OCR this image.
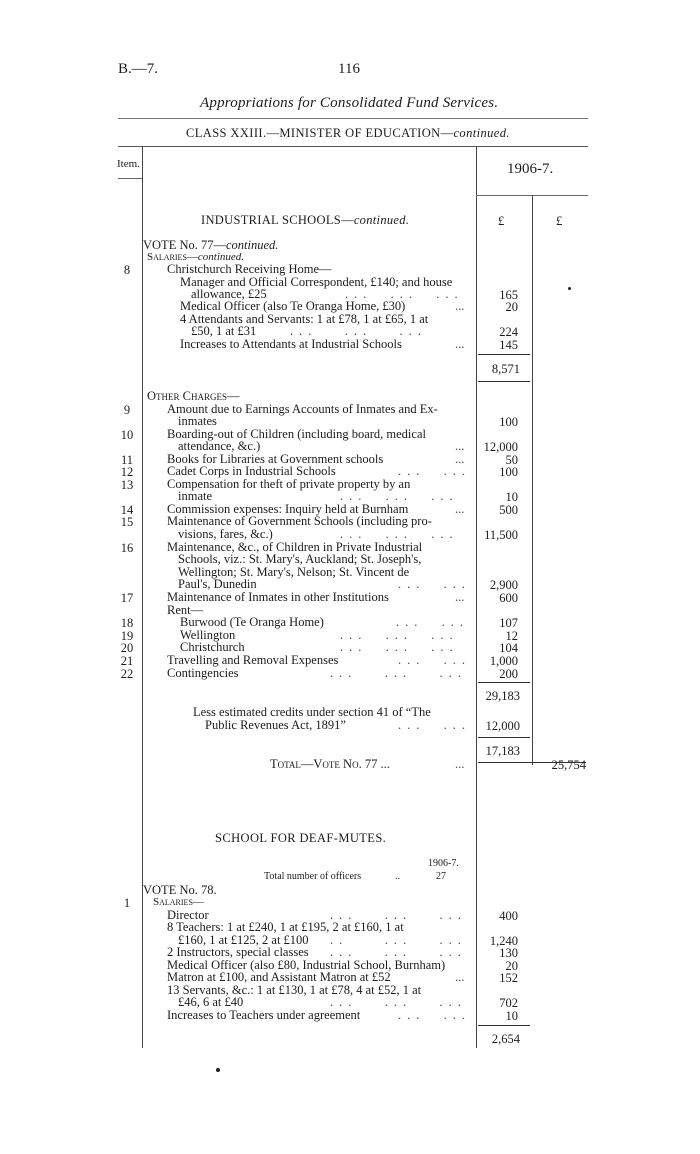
B.—7.	116
Appropriations for Consolidated Fund Services.
CLASS XXIII.—MINISTER OF EDUCATION—continued.
Item.	1906-7.
£	£
INDUSTRIAL SCHOOLS—continued.
VOTE No. 77—continued.
Salaries—continued.
8	Christchurch Receiving Home—
Manager and Official Correspondent, £140; and house
allowance, £25	165
Medical Officer (also Te Oranga Home, £30)	20
4 Attendants and Servants: 1 at £78, 1 at £65, 1 at
£50, 1 at £31	224
Increases to Attendants at Industrial Schools	145
8,571
Other Charges—
9	Amount due to Earnings Accounts of Inmates and Ex-
inmates	100
10	Boarding-out of Children (including board, medical
attendance, &c.)	12,000
11	Books for Libraries at Government schools	50
12	Cadet Corps in Industrial Schools	100
13	Compensation for theft of private property by an
inmate	10
14	Commission expenses: Inquiry held at Burnham	500
15	Maintenance of Government Schools (including pro-
visions, fares, &c.)	11,500
16	Maintenance, &c., of Children in Private Industrial
Schools, viz.: St. Mary's, Auckland; St. Joseph's,
Wellington; St. Mary's, Nelson; St. Vincent de
Paul's, Dunedin	2,900
17	Maintenance of Inmates in other Institutions	600
Rent—
18	Burwood (Te Oranga Home)	107
19	Wellington	12
20	Christchurch	104
21	Travelling and Removal Expenses	1,000
22	Contingencies	200
29,183
Less estimated credits under section 41 of “The
Public Revenues Act, 1891”	12,000
17,183
Total—Vote No. 77 ...	25,754
SCHOOL FOR DEAF-MUTES.
1906-7.
Total number of officers	..	27
VOTE No. 78.
1	Salaries—
Director	400
8 Teachers: 1 at £240, 1 at £195, 2 at £160, 1 at
£160, 1 at £125, 2 at £100	1,240
2 Instructors, special classes	130
Medical Officer (also £80, Industrial School, Burnham)	20
Matron at £100, and Assistant Matron at £52	152
13 Servants, &c.: 1 at £130, 1 at £78, 4 at £52, 1 at
£46, 6 at £40	702
Increases to Teachers under agreement	10
2,654
...  ...  ...
...
...   ...   ...
...
...
...
...  ...
...  ...  ...
...
...  ...  ...
...  ...
...
...  ...
...  ...  ...
...  ...  ...
...  ...
...   ...   ...
...  ...
...
...   ...   ...
..    ...   ...
...   ...   ...
...
...   ...   ...
...  ...
